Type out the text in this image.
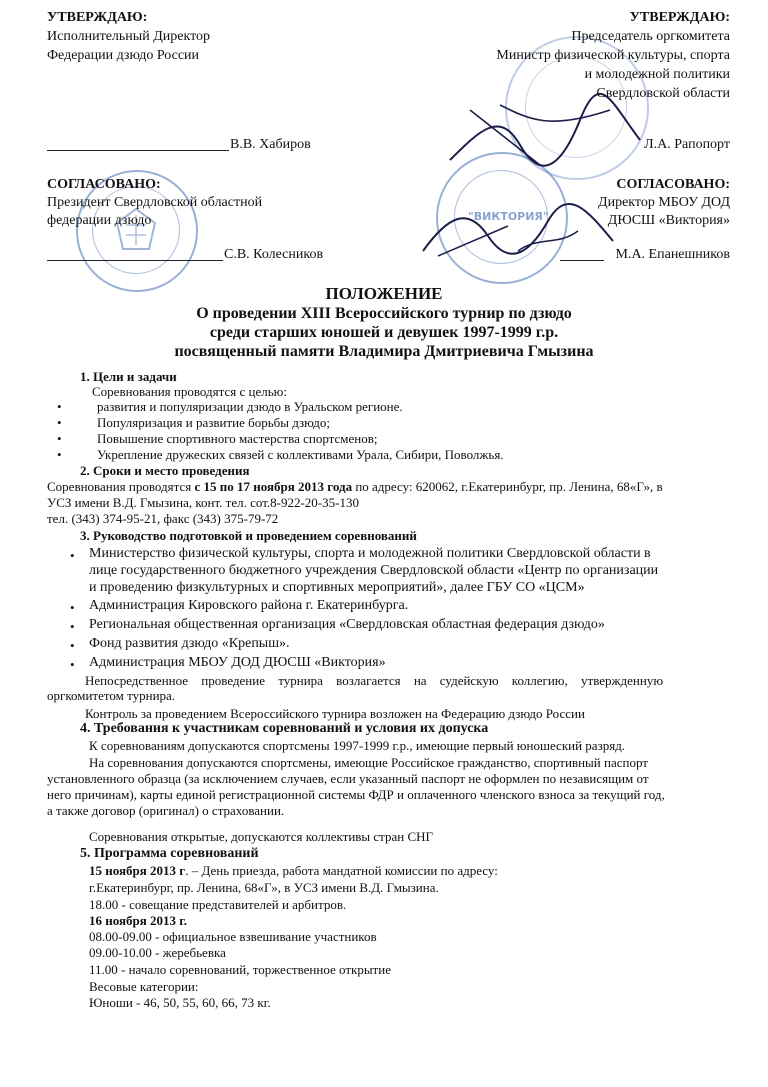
"ВИКТОРИЯ"
УТВЕРЖДАЮ:
Исполнительный Директор
Федерации дзюдо России
В.В. Хабиров
УТВЕРЖДАЮ:
Председатель оргкомитета
Министр физической культуры, спорта
и молодежной политики
Свердловской области
Л.А. Рапопорт
СОГЛАСОВАНО:
Президент Свердловской областной
федерации дзюдо
С.В. Колесников
СОГЛАСОВАНО:
Директор МБОУ ДОД
ДЮСШ «Виктория»
М.А. Епанешников
ПОЛОЖЕНИЕ
О проведении XIII Всероссийского турнир по дзюдо
среди старших юношей и девушек 1997-1999 г.р.
посвященный памяти Владимира Дмитриевича Гмызина
1. Цели и задачи
Соревнования проводятся с целью:
•	развития и популяризации дзюдо в Уральском регионе.
•	Популяризация и развитие борьбы дзюдо;
•	Повышение спортивного мастерства спортсменов;
•	Укрепление дружеских связей с коллективами Урала, Сибири, Поволжья.
2. Сроки и место проведения
Соревнования проводятся с 15 по 17 ноября 2013 года по адресу: 620062, г.Екатеринбург, пр. Ленина, 68«Г», в
УСЗ имени В.Д. Гмызина, конт. тел. сот.8-922-20-35-130
тел. (343) 374-95-21, факс (343) 375-79-72
3. Руководство подготовкой и проведением соревнований
• Министерство физической культуры, спорта и молодежной политики Свердловской области в
лице государственного бюджетного учреждения Свердловской области «Центр по организации
и проведению физкультурных и спортивных мероприятий», далее ГБУ СО «ЦСМ»
• Администрация Кировского района г. Екатеринбурга.
• Региональная общественная организация «Свердловская областная федерация дзюдо»
• Фонд развития дзюдо «Крепыш».
• Администрация МБОУ ДОД ДЮСШ «Виктория»
Непосредственное проведение турнира возлагается на судейскую коллегию, утвержденную
оргкомитетом турнира.
Контроль за проведением Всероссийского турнира возложен на Федерацию дзюдо России
4. Требования к участникам соревнований и условия их допуска
К соревнованиям допускаются спортсмены 1997-1999 г.р., имеющие первый юношеский разряд.
На соревнования допускаются спортсмены, имеющие Российское гражданство, спортивный паспорт
установленного образца (за исключением случаев, если указанный паспорт не оформлен по независящим от
него причинам), карты единой регистрационной системы ФДР и оплаченного членского взноса за текущий год,
а также договор (оригинал) о страховании.
Соревнования открытые, допускаются коллективы стран СНГ
5. Программа соревнований
15 ноября 2013 г. – День приезда, работа мандатной комиссии по адресу:
г.Екатеринбург, пр. Ленина, 68«Г», в УСЗ имени В.Д. Гмызина.
18.00 - совещание представителей и арбитров.
16 ноября 2013 г.
08.00-09.00 - официальное взвешивание участников
09.00-10.00 - жеребьевка
11.00 - начало соревнований, торжественное открытие
Весовые категории:
Юноши - 46, 50, 55, 60, 66, 73 кг.
